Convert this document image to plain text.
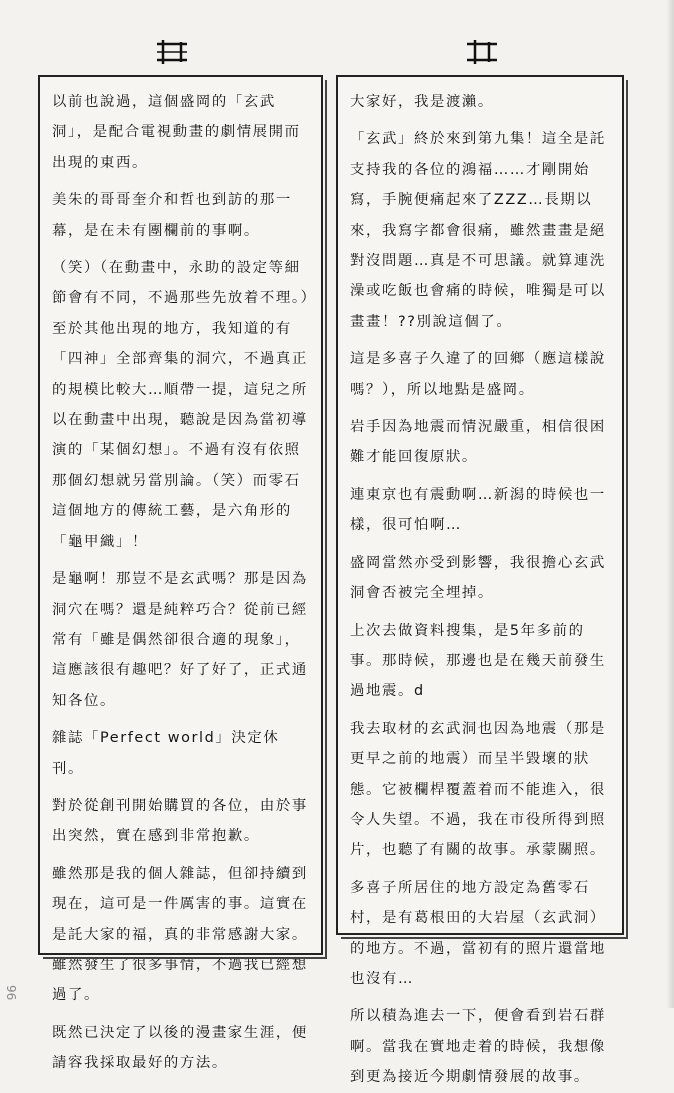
以前也說過，這個盛岡的「玄武洞」，是配合電視動畫的劇情展開而出現的東西。

美朱的哥哥奎介和哲也到訪的那一幕，是在未有團欄前的事啊。

（笑）（在動畫中，永助的設定等細節會有不同，不過那些先放着不理。）至於其他出現的地方，我知道的有「四神」全部齊集的洞穴，不過真正的規模比較大…順帶一提，這兒之所以在動畫中出現，聽說是因為當初導演的「某個幻想」。不過有沒有依照那個幻想就另當別論。（笑）而零石這個地方的傳統工藝，是六角形的「龜甲織」！

是龜啊！那豈不是玄武嗎？那是因為洞穴在嗎？還是純粹巧合？從前已經常有「雖是偶然卻很合適的現象」，這應該很有趣吧？好了好了，正式通知各位。

雜誌「Perfect world」決定休刊。

對於從創刊開始購買的各位，由於事出突然，實在感到非常抱歉。

雖然那是我的個人雜誌，但卻持續到現在，這可是一件厲害的事。這實在是託大家的福，真的非常感謝大家。雖然發生了很多事情，不過我已經想過了。

既然已決定了以後的漫畫家生涯，便請容我採取最好的方法。

大家好，我是渡瀨。

「玄武」終於來到第九集！這全是託支持我的各位的鴻福……才剛開始寫，手腕便痛起來了ZZZ…長期以來，我寫字都會很痛，雖然畫畫是絕對沒問題…真是不可思議。就算連洗澡或吃飯也會痛的時候，唯獨是可以畫畫！??別說這個了。

這是多喜子久違了的回鄉（應這樣說嗎？），所以地點是盛岡。

岩手因為地震而情況嚴重，相信很困難才能回復原狀。

連東京也有震動啊…新潟的時候也一樣，很可怕啊…

盛岡當然亦受到影響，我很擔心玄武洞會否被完全埋掉。

上次去做資料搜集，是5年多前的事。那時候，那邊也是在幾天前發生過地震。d

我去取材的玄武洞也因為地震（那是更早之前的地震）而呈半毀壞的狀態。它被欄桿覆蓋着而不能進入，很令人失望。不過，我在市役所得到照片，也聽了有關的故事。承蒙關照。

多喜子所居住的地方設定為舊零石村，是有葛根田的大岩屋（玄武洞）的地方。不過，當初有的照片還當地也沒有…

所以積為進去一下，便會看到岩石群啊。當我在實地走着的時候，我想像到更為接近今期劇情發展的故事。

96
